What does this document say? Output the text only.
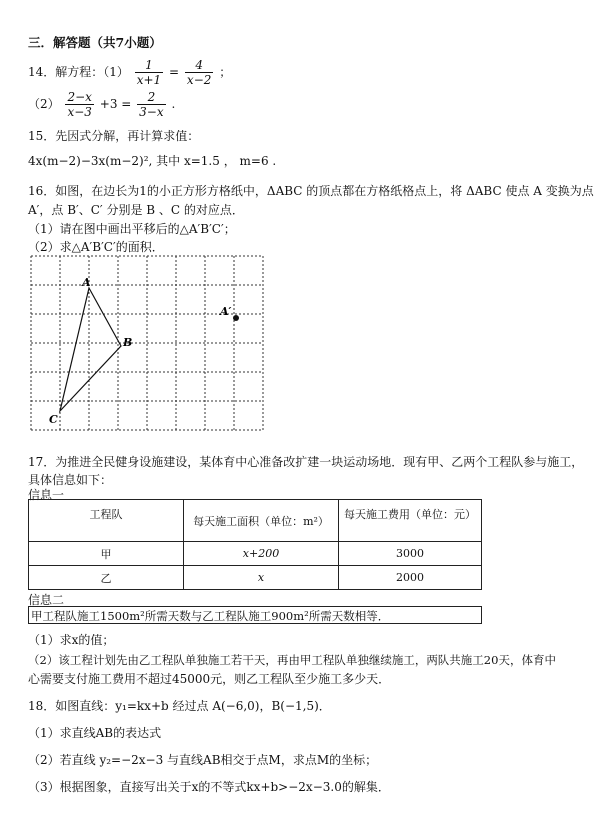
三．解答题（共7小题）
14．解方程：$(1) \frac{1}{x+1} = \frac{4}{x-2}$ ；
$(2) \frac{2-x}{x-3} +3 = \frac{2}{3-x}$ .
15．先因式分解，再计算求值：
4x(m−2)−3x(m−2)², 其中 x=1.5 ， m=6 .
16．如图，在边长为1的小正方形方格纸中，ΔABC 的顶点都在方格纸格点上，将 ΔABC 使点 A 变换为点
A′，点 B′、C′ 分别是 B 、C 的对应点．
（1）请在图中画出平移后的△A′B′C′；
（2）求△A′B′C′的面积．
A
B
C
A′
17．为推进全民健身设施建设，某体育中心准备改扩建一块运动场地．现有甲、乙两个工程队参与施工，
具体信息如下：
信息一
工程队	每天施工面积（单位：m²）	每天施工费用（单位：元）
甲	x+200	3000
乙	x	2000
信息二
甲工程队施工1500m²所需天数与乙工程队施工900m²所需天数相等．
（1）求x的值；
（2）该工程计划先由乙工程队单独施工若干天，再由甲工程队单独继续施工，两队共施工20天，体育中
心需要支付施工费用不超过45000元，则乙工程队至少施工多少天．
18．如图直线：y₁=kx+b 经过点 A(−6,0)，B(−1,5)．
（1）求直线AB的表达式
（2）若直线 y₂=−2x−3 与直线AB相交于点M，求点M的坐标；
（3）根据图象，直接写出关于x的不等式kx+b>−2x−3.0的解集．
